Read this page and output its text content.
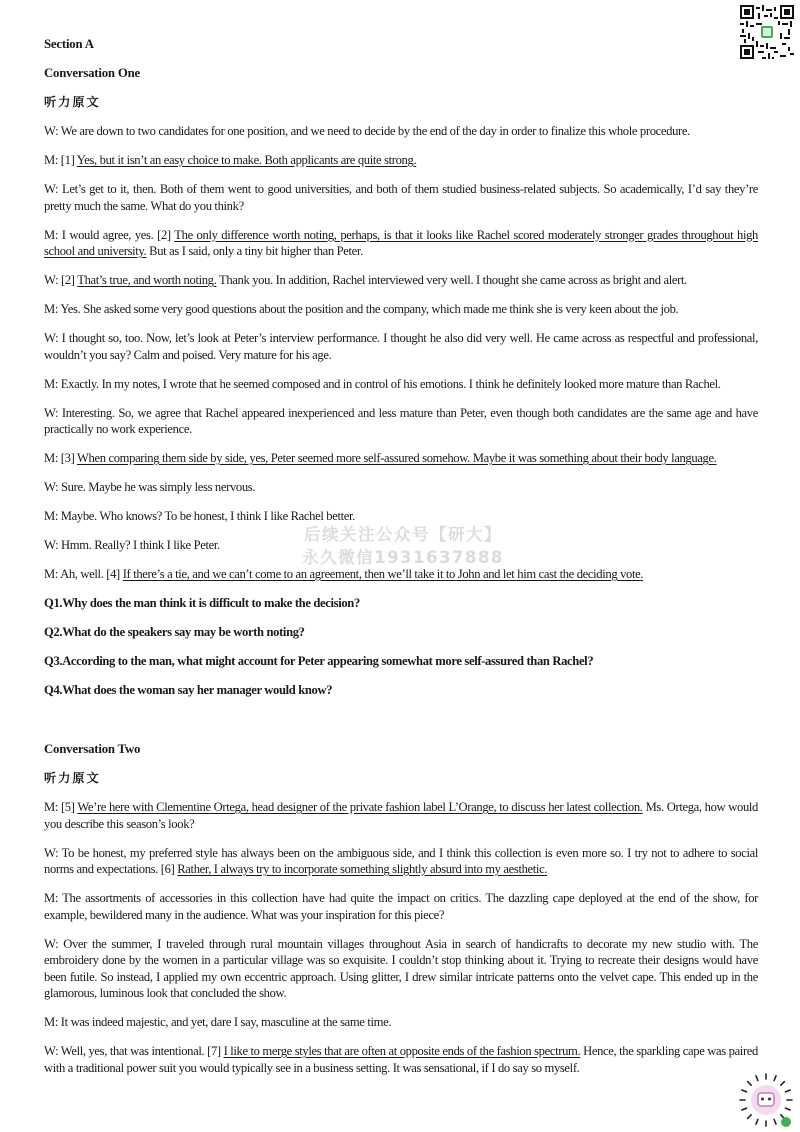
Section A
Conversation One
听力原文
W: We are down to two candidates for one position, and we need to decide by the end of the day in order to finalize this whole procedure.
M: [1] Yes, but it isn’t an easy choice to make. Both applicants are quite strong.
W: Let’s get to it, then. Both of them went to good universities, and both of them studied business-related subjects. So academically, I’d say they’re pretty much the same. What do you think?
M: I would agree, yes. [2] The only difference worth noting, perhaps, is that it looks like Rachel scored moderately stronger grades throughout high school and university. But as I said, only a tiny bit higher than Peter.
W: [2] That’s true, and worth noting. Thank you. In addition, Rachel interviewed very well. I thought she came across as bright and alert.
M: Yes. She asked some very good questions about the position and the company, which made me think she is very keen about the job.
W: I thought so, too. Now, let’s look at Peter’s interview performance. I thought he also did very well. He came across as respectful and professional, wouldn’t you say? Calm and poised. Very mature for his age.
M: Exactly. In my notes, I wrote that he seemed composed and in control of his emotions. I think he definitely looked more mature than Rachel.
W: Interesting. So, we agree that Rachel appeared inexperienced and less mature than Peter, even though both candidates are the same age and have practically no work experience.
M: [3] When comparing them side by side, yes, Peter seemed more self-assured somehow. Maybe it was something about their body language.
W: Sure. Maybe he was simply less nervous.
M: Maybe. Who knows? To be honest, I think I like Rachel better.
W: Hmm. Really? I think I like Peter.
M: Ah, well. [4] If there’s a tie, and we can’t come to an agreement, then we’ll take it to John and let him cast the deciding vote.
Q1.Why does the man think it is difficult to make the decision?
Q2.What do the speakers say may be worth noting?
Q3.According to the man, what might account for Peter appearing somewhat more self-assured than Rachel?
Q4.What does the woman say her manager would know?
Conversation Two
听力原文
M: [5] We’re here with Clementine Ortega, head designer of the private fashion label L’Orange, to discuss her latest collection. Ms. Ortega, how would you describe this season’s look?
W: To be honest, my preferred style has always been on the ambiguous side, and I think this collection is even more so. I try not to adhere to social norms and expectations. [6] Rather, I always try to incorporate something slightly absurd into my aesthetic.
M: The assortments of accessories in this collection have had quite the impact on critics. The dazzling cape deployed at the end of the show, for example, bewildered many in the audience. What was your inspiration for this piece?
W: Over the summer, I traveled through rural mountain villages throughout Asia in search of handicrafts to decorate my new studio with. The embroidery done by the women in a particular village was so exquisite. I couldn’t stop thinking about it. Trying to recreate their designs would have been futile. So instead, I applied my own eccentric approach. Using glitter, I drew similar intricate patterns onto the velvet cape. This ended up in the glamorous, luminous look that concluded the show.
M: It was indeed majestic, and yet, dare I say, masculine at the same time.
W: Well, yes, that was intentional. [7] I like to merge styles that are often at opposite ends of the fashion spectrum. Hence, the sparkling cape was paired with a traditional power suit you would typically see in a business setting. It was sensational, if I do say so myself.
后续关注公众号【研大】
永久微信1931637888
